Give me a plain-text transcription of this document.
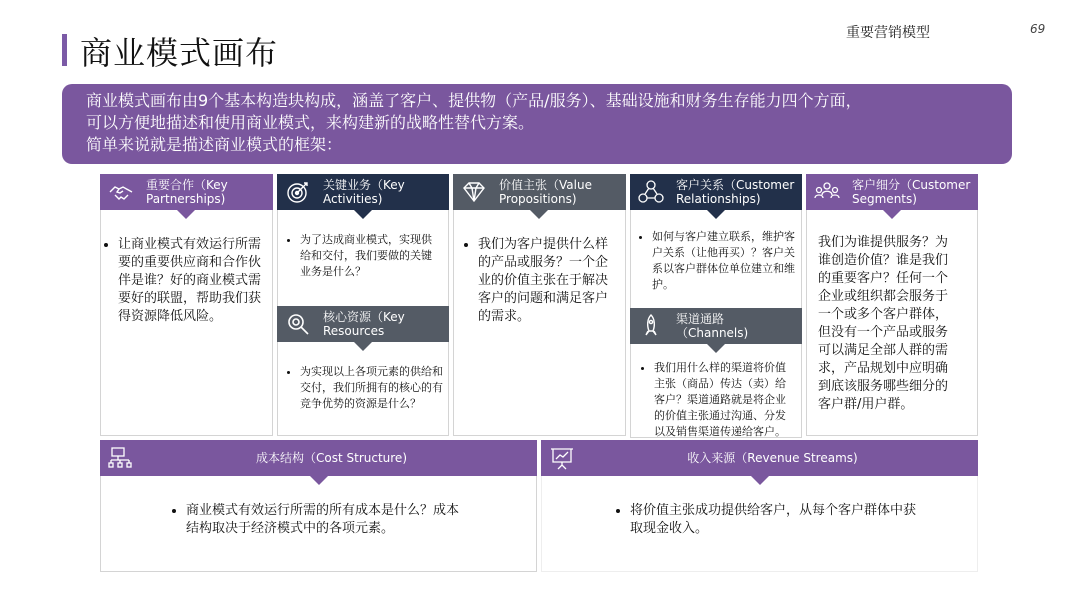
商业模式画布
重要营销模型	69
商业模式画布由9个基本构造块构成，涵盖了客户、提供物（产品/服务）、基础设施和财务生存能力四个方面，
可以方便地描述和使用商业模式，来构建新的战略性替代方案。
简单来说就是描述商业模式的框架：
重要合作（Key
Partnerships)
• 让商业模式有效运行所需要的重要供应商和合作伙伴是谁？好的商业模式需要好的联盟，帮助我们获得资源降低风险。
关键业务（Key
Activities)
• 为了达成商业模式，实现供给和交付，我们要做的关键业务是什么？
核心资源（Key
Resources
• 为实现以上各项元素的供给和交付，我们所拥有的核心的有竞争优势的资源是什么？
价值主张（Value
Propositions)
• 我们为客户提供什么样的产品或服务？一个企业的价值主张在于解决客户的问题和满足客户的需求。
客户关系（Customer
Relationships)
• 如何与客户建立联系，维护客户关系（让他再买）？客户关系以客户群体位单位建立和维护。
渠道通路
（Channels)
• 我们用什么样的渠道将价值主张（商品）传达（卖）给客户？渠道通路就是将企业的价值主张通过沟通、分发以及销售渠道传递给客户。
客户细分（Customer
Segments)
我们为谁提供服务？为谁创造价值？谁是我们的重要客户？任何一个企业或组织都会服务于一个或多个客户群体，但没有一个产品或服务可以满足全部人群的需求，产品规划中应明确到底该服务哪些细分的客户群/用户群。
成本结构（Cost Structure)
• 商业模式有效运行所需的所有成本是什么？成本结构取决于经济模式中的各项元素。
收入来源（Revenue Streams)
• 将价值主张成功提供给客户，从每个客户群体中获取现金收入。
